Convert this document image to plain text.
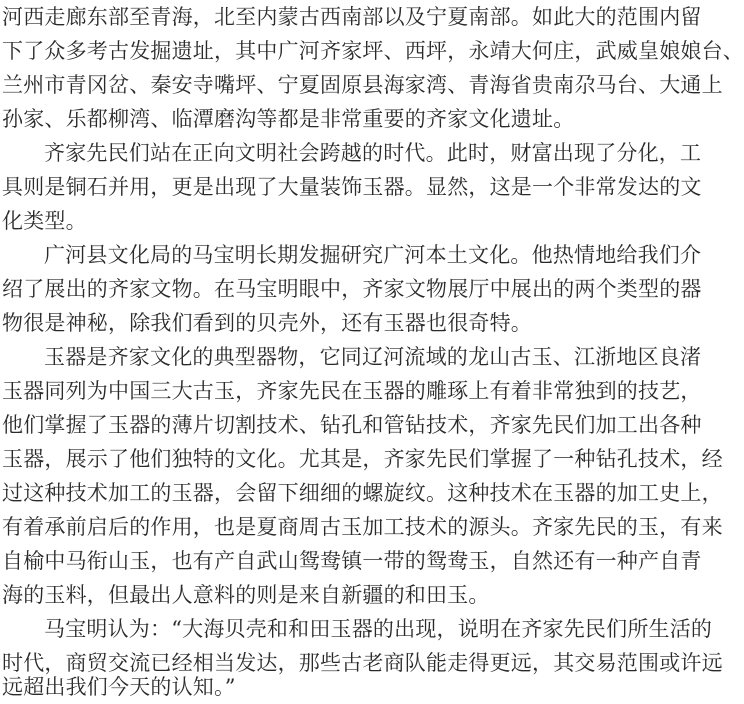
河西走廊东部至青海，北至内蒙古西南部以及宁夏南部。如此大的范围内留
下了众多考古发掘遗址，其中广河齐家坪、西坪，永靖大何庄，武威皇娘娘台、
兰州市青冈岔、秦安寺嘴坪、宁夏固原县海家湾、青海省贵南尕马台、大通上
孙家、乐都柳湾、临潭磨沟等都是非常重要的齐家文化遗址。
齐家先民们站在正向文明社会跨越的时代。此时，财富出现了分化，工
具则是铜石并用，更是出现了大量装饰玉器。显然，这是一个非常发达的文
化类型。
广河县文化局的马宝明长期发掘研究广河本土文化。他热情地给我们介
绍了展出的齐家文物。在马宝明眼中，齐家文物展厅中展出的两个类型的器
物很是神秘，除我们看到的贝壳外，还有玉器也很奇特。
玉器是齐家文化的典型器物，它同辽河流域的龙山古玉、江浙地区良渚
玉器同列为中国三大古玉，齐家先民在玉器的雕琢上有着非常独到的技艺，
他们掌握了玉器的薄片切割技术、钻孔和管钻技术，齐家先民们加工出各种
玉器，展示了他们独特的文化。尤其是，齐家先民们掌握了一种钻孔技术，经
过这种技术加工的玉器，会留下细细的螺旋纹。这种技术在玉器的加工史上，
有着承前启后的作用，也是夏商周古玉加工技术的源头。齐家先民的玉，有来
自榆中马衔山玉，也有产自武山鸳鸯镇一带的鸳鸯玉，自然还有一种产自青
海的玉料，但最出人意料的则是来自新疆的和田玉。
马宝明认为：“大海贝壳和和田玉器的出现，说明在齐家先民们所生活的
时代，商贸交流已经相当发达，那些古老商队能走得更远，其交易范围或许远
远超出我们今天的认知。”
